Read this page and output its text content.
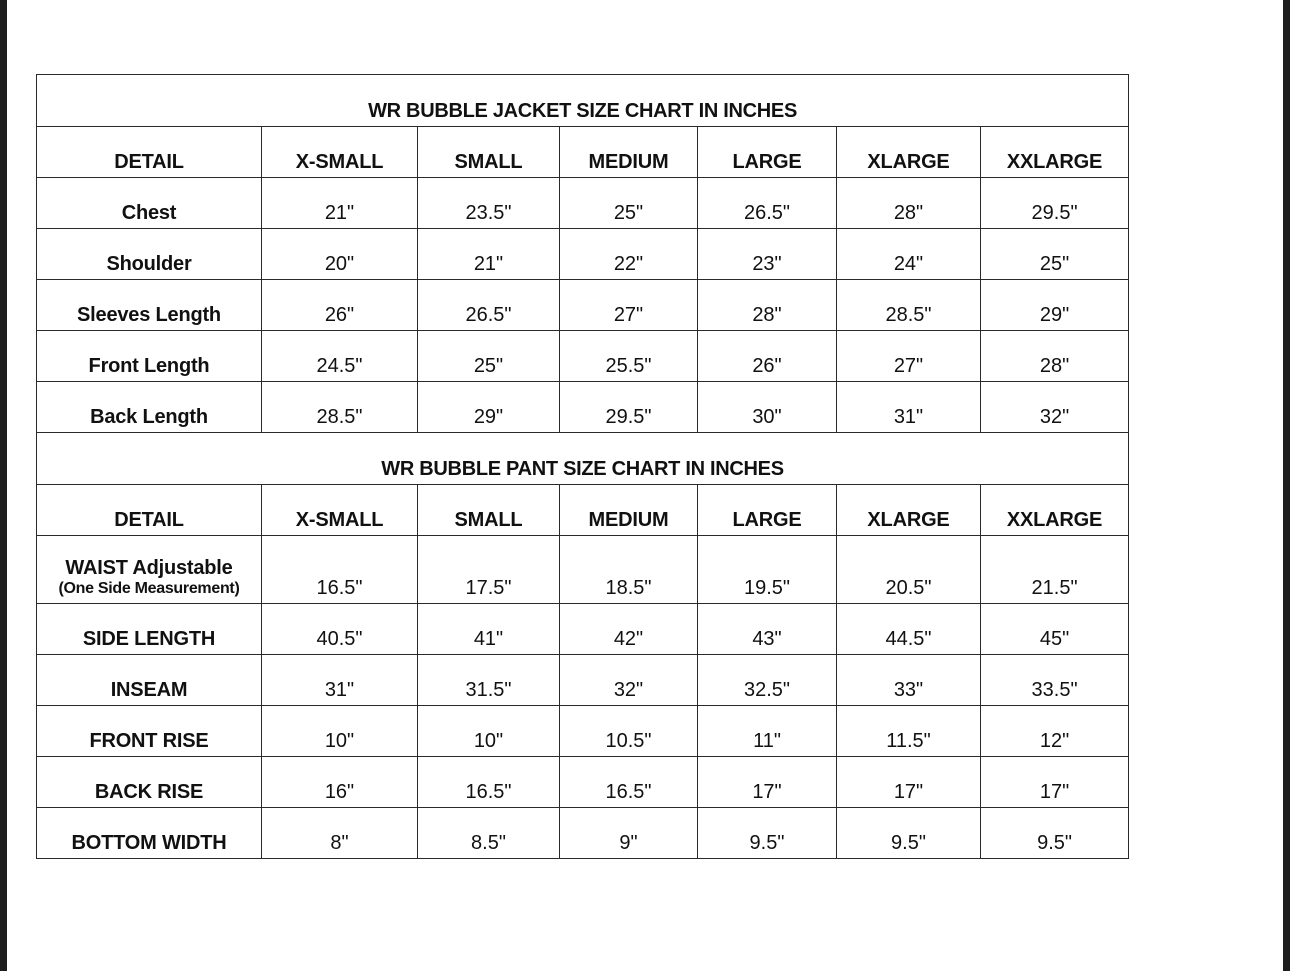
WR BUBBLE JACKET SIZE CHART IN INCHES						
DETAIL	X-SMALL	SMALL	MEDIUM	LARGE	XLARGE	XXLARGE
Chest	21"	23.5"	25"	26.5"	28"	29.5"
Shoulder	20"	21"	22"	23"	24"	25"
Sleeves Length	26"	26.5"	27"	28"	28.5"	29"
Front Length	24.5"	25"	25.5"	26"	27"	28"
Back Length	28.5"	29"	29.5"	30"	31"	32"
WR BUBBLE PANT SIZE CHART IN INCHES						
DETAIL	X-SMALL	SMALL	MEDIUM	LARGE	XLARGE	XXLARGE

WAIST Adjustable
(One Side Measurement)	16.5"	17.5"	18.5"	19.5"	20.5"	21.5"
SIDE LENGTH	40.5"	41"	42"	43"	44.5"	45"
INSEAM	31"	31.5"	32"	32.5"	33"	33.5"
FRONT RISE	10"	10"	10.5"	11"	11.5"	12"
BACK RISE	16"	16.5"	16.5"	17"	17"	17"
BOTTOM WIDTH	8"	8.5"	9"	9.5"	9.5"	9.5"
